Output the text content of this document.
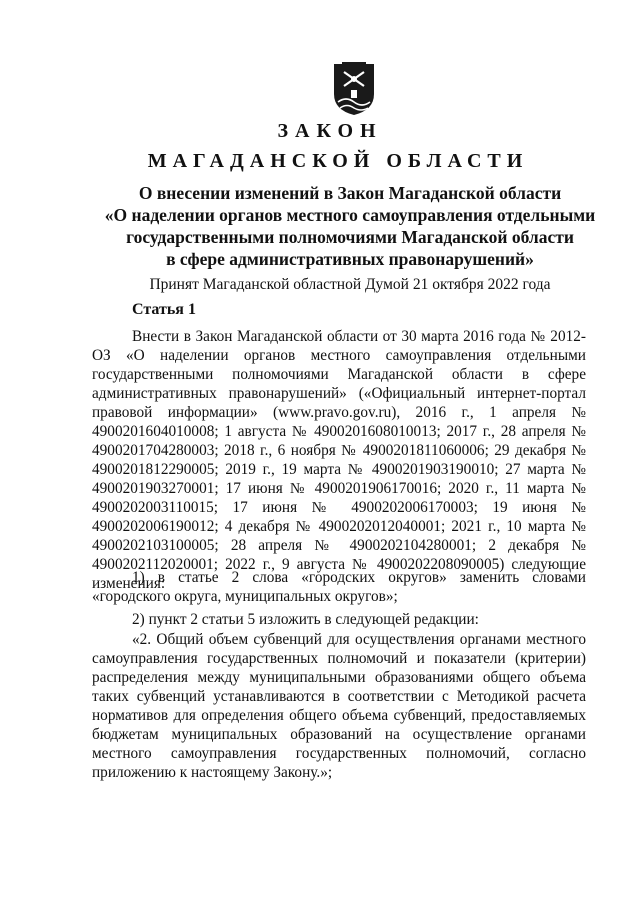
ЗАКОН
МАГАДАНСКОЙ ОБЛАСТИ

О внесении изменений в Закон Магаданской области
«О наделении органов местного самоуправления отдельными
государственными полномочиями Магаданской области
в сфере административных правонарушений»

Принят Магаданской областной Думой 21 октября 2022 года

Статья 1

Внести в Закон Магаданской области от 30 марта 2016 года № 2012-ОЗ «О наделении органов местного самоуправления отдельными государственными полномочиями Магаданской области в сфере административных правонарушений» («Официальный интернет-портал правовой информации» (www.pravo.gov.ru), 2016 г., 1 апреля № 4900201604010008; 1 августа № 4900201608010013; 2017 г., 28 апреля № 4900201704280003; 2018 г., 6 ноября № 4900201811060006; 29 декабря № 4900201812290005; 2019 г., 19 марта № 4900201903190010; 27 марта № 4900201903270001; 17 июня № 4900201906170016; 2020 г., 11 марта № 4900202003110015; 17 июня № 4900202006170003; 19 июня № 4900202006190012; 4 декабря № 4900202012040001; 2021 г., 10 марта № 4900202103100005; 28 апреля № 4900202104280001; 2 декабря № 4900202112020001; 2022 г., 9 августа № 4900202208090005) следующие изменения:

1) в статье 2 слова «городских округов» заменить словами «городского округа, муниципальных округов»;

2) пункт 2 статьи 5 изложить в следующей редакции:

«2. Общий объем субвенций для осуществления органами местного самоуправления государственных полномочий и показатели (критерии) распределения между муниципальными образованиями общего объема таких субвенций устанавливаются в соответствии с Методикой расчета нормативов для определения общего объема субвенций, предоставляемых бюджетам муниципальных образований на осуществление органами местного самоуправления государственных полномочий, согласно приложению к настоящему Закону.»;
